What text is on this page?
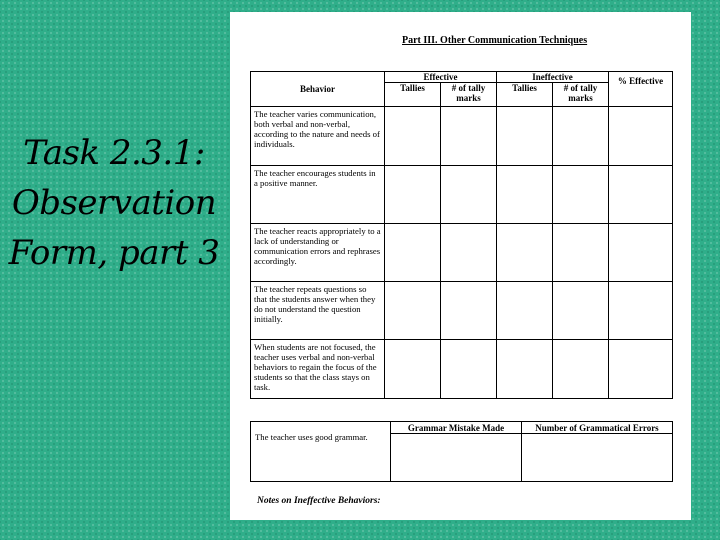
Task 2.3.1:
Observation
Form, part 3
Part III. Other Communication Techniques
Behavior	Effective		Ineffective		% Effective
	Tallies	# of tally marks	Tallies	# of tally marks	
The teacher varies communication, both verbal and non-verbal, according to the nature and needs of individuals.					
The teacher encourages students in a positive manner.					
The teacher reacts appropriately to a lack of understanding or communication errors and rephrases accordingly.					
The teacher repeats questions so that the students answer when they do not understand the question initially.					
When students are not focused, the teacher uses verbal and non-verbal behaviors to regain the focus of the students so that the class stays on task.					
The teacher uses good grammar.	Grammar Mistake Made	Number of Grammatical Errors

Notes on Ineffective Behaviors:
